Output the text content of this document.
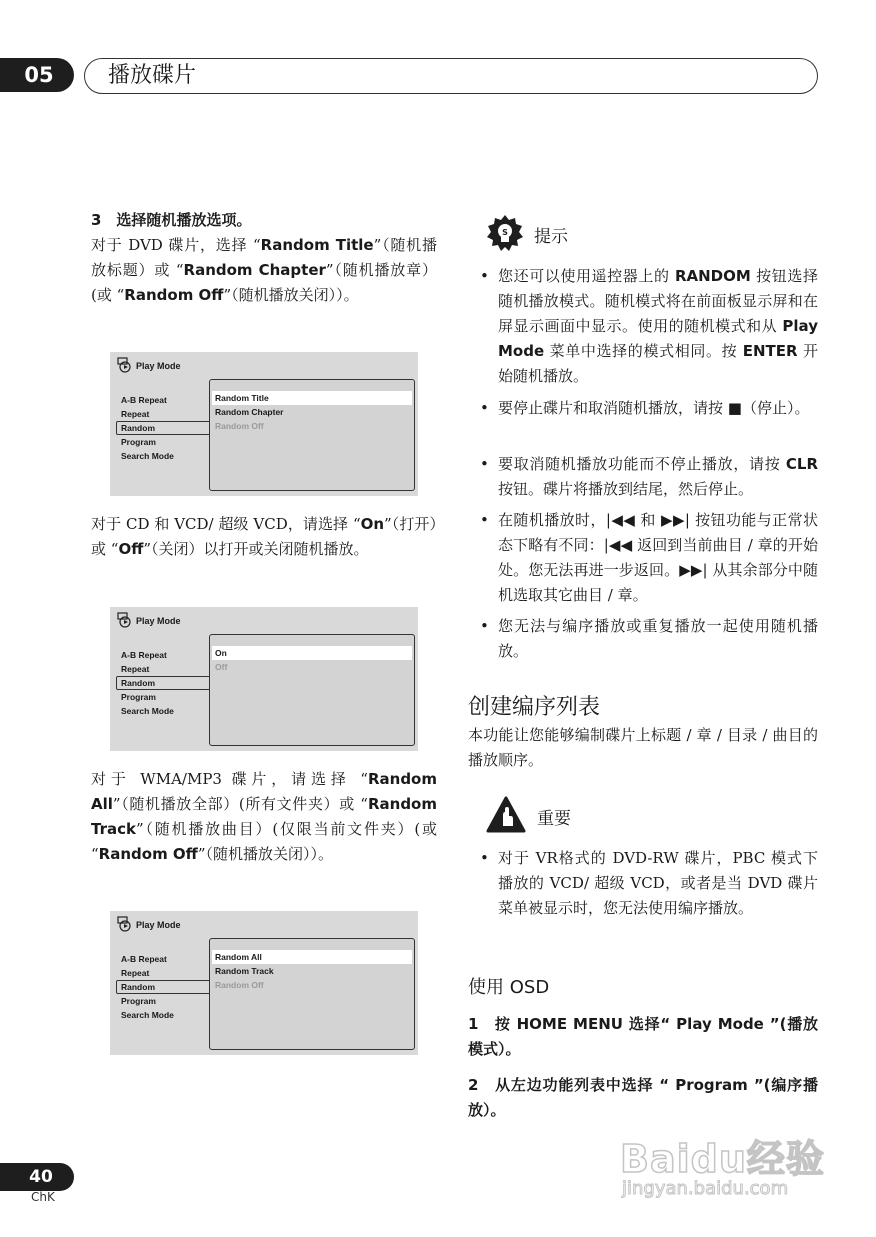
05	播放碟片
3　选择随机播放选项。
对于 DVD 碟片，选择 “Random Title”（随机播放标题）或 “Random Chapter”（随机播放章）(或 “Random Off”（随机播放关闭））。
Play Mode
A-B Repeat
Repeat
Random
Program
Search Mode
Random Title
Random Chapter
Random Off
对于 CD 和 VCD/ 超级 VCD，请选择 “On”（打开）或 “Off”（关闭）以打开或关闭随机播放。
Play Mode
A-B Repeat
Repeat
Random
Program
Search Mode
On
Off
对于 WMA/MP3 碟片，请选择 “Random All”（随机播放全部）(所有文件夹）或 “Random Track”（随机播放曲目）(仅限当前文件夹）(或 “Random Off”（随机播放关闭））。
Play Mode
A-B Repeat
Repeat
Random
Program
Search Mode
Random All
Random Track
Random Off
S 提示
• 您还可以使用遥控器上的 RANDOM 按钮选择随机播放模式。随机模式将在前面板显示屏和在屏显示画面中显示。使用的随机模式和从 Play Mode 菜单中选择的模式相同。按 ENTER 开始随机播放。
• 要停止碟片和取消随机播放，请按 ■（停止）。
• 要取消随机播放功能而不停止播放，请按 CLR按钮。碟片将播放到结尾，然后停止。
• 在随机播放时，|◀◀ 和 ▶▶| 按钮功能与正常状态下略有不同：|◀◀ 返回到当前曲目 / 章的开始处。您无法再进一步返回。▶▶| 从其余部分中随机选取其它曲目 / 章。
• 您无法与编序播放或重复播放一起使用随机播放。
创建编序列表
本功能让您能够编制碟片上标题 / 章 / 目录 / 曲目的播放顺序。
重要
• 对于 VR格式的 DVD-RW 碟片，PBC 模式下播放的 VCD/ 超级 VCD，或者是当 DVD 碟片菜单被显示时，您无法使用编序播放。
使用 OSD
1　按 HOME MENU 选择“ Play Mode ”(播放模式）。
2　从左边功能列表中选择 “ Program ”(编序播放）。
40
ChK
Baidu经验
jingyan.baidu.com
